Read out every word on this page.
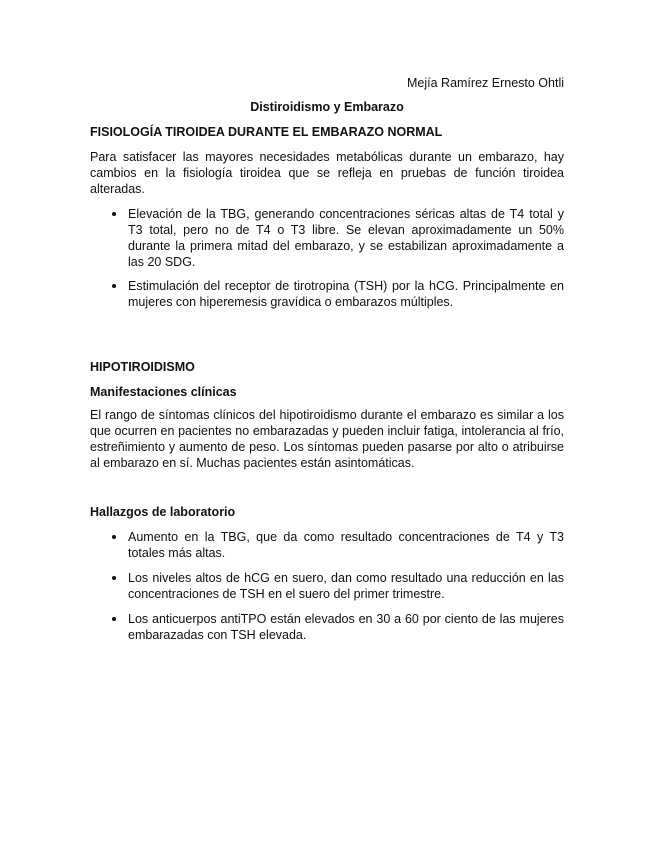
Mejía Ramírez Ernesto Ohtli
Distiroidismo y Embarazo
FISIOLOGÍA TIROIDEA DURANTE EL EMBARAZO NORMAL
Para satisfacer las mayores necesidades metabólicas durante un embarazo, hay cambios en la fisiología tiroidea que se refleja en pruebas de función tiroidea alteradas.
Elevación de la TBG, generando concentraciones séricas altas de T4 total y T3 total, pero no de T4 o T3 libre. Se elevan aproximadamente un 50% durante la primera mitad del embarazo, y se estabilizan aproximadamente a las 20 SDG.
Estimulación del receptor de tirotropina (TSH) por la hCG. Principalmente en mujeres con hiperemesis gravídica o embarazos múltiples.
HIPOTIROIDISMO
Manifestaciones clínicas
El rango de síntomas clínicos del hipotiroidismo durante el embarazo es similar a los que ocurren en pacientes no embarazadas y pueden incluir fatiga, intolerancia al frío, estreñimiento y aumento de peso. Los síntomas pueden pasarse por alto o atribuirse al embarazo en sí. Muchas pacientes están asintomáticas.
Hallazgos de laboratorio
Aumento en la TBG, que da como resultado concentraciones de T4 y T3 totales más altas.
Los niveles altos de hCG en suero, dan como resultado una reducción en las concentraciones de TSH en el suero del primer trimestre.
Los anticuerpos antiTPO están elevados en 30 a 60 por ciento de las mujeres embarazadas con TSH elevada.
